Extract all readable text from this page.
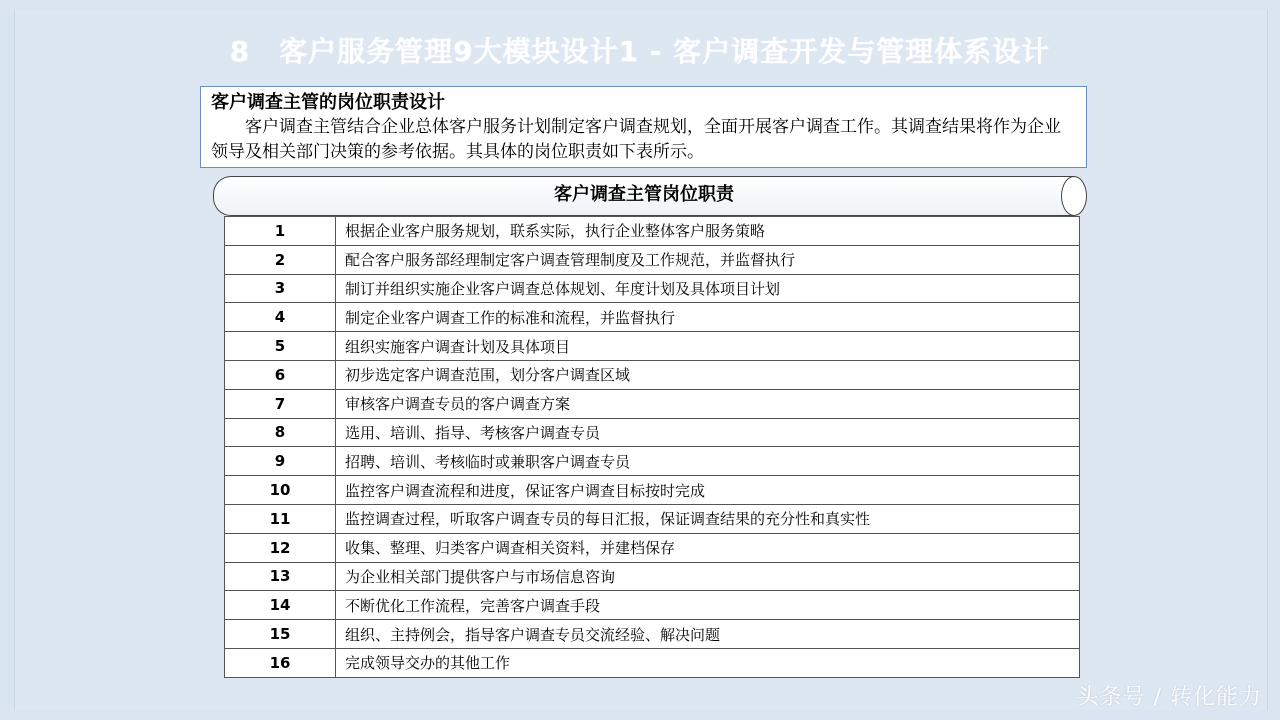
8　客户服务管理9大模块设计1 - 客户调查开发与管理体系设计
客户调查主管的岗位职责设计
客户调查主管结合企业总体客户服务计划制定客户调查规划，全面开展客户调查工作。其调查结果将作为企业领导及相关部门决策的参考依据。其具体的岗位职责如下表所示。
客户调查主管岗位职责
1	根据企业客户服务规划，联系实际，执行企业整体客户服务策略
2	配合客户服务部经理制定客户调查管理制度及工作规范，并监督执行
3	制订并组织实施企业客户调查总体规划、年度计划及具体项目计划
4	制定企业客户调查工作的标准和流程，并监督执行
5	组织实施客户调查计划及具体项目
6	初步选定客户调查范围，划分客户调查区域
7	审核客户调查专员的客户调查方案
8	选用、培训、指导、考核客户调查专员
9	招聘、培训、考核临时或兼职客户调查专员
10	监控客户调查流程和进度，保证客户调查目标按时完成
11	监控调查过程，听取客户调查专员的每日汇报，保证调查结果的充分性和真实性
12	收集、整理、归类客户调查相关资料，并建档保存
13	为企业相关部门提供客户与市场信息咨询
14	不断优化工作流程，完善客户调查手段
15	组织、主持例会，指导客户调查专员交流经验、解决问题
16	完成领导交办的其他工作
头条号 / 转化能力
